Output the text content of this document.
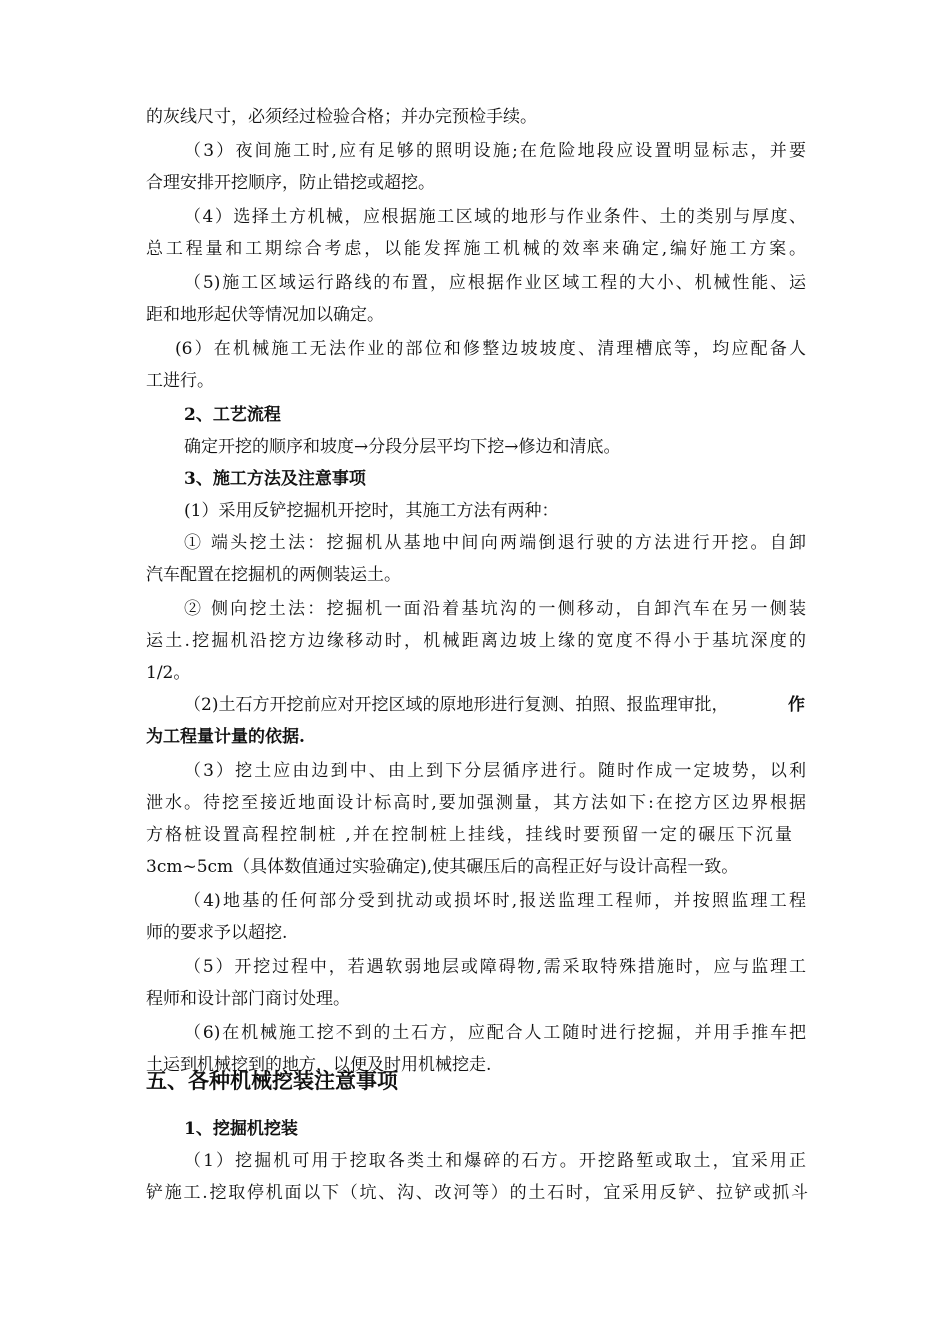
的灰线尺寸，必须经过检验合格；并办完预检手续。
（3）夜间施工时,应有足够的照明设施;在危险地段应设置明显标志，并要
合理安排开挖顺序，防止错挖或超挖。
（4）选择土方机械，应根据施工区域的地形与作业条件、土的类别与厚度、
总工程量和工期综合考虑，以能发挥施工机械的效率来确定,编好施工方案。
（5)施工区域运行路线的布置，应根据作业区域工程的大小、机械性能、运
距和地形起伏等情况加以确定。
(6）在机械施工无法作业的部位和修整边坡坡度、清理槽底等，均应配备人
工进行。
2、工艺流程
确定开挖的顺序和坡度→分段分层平均下挖→修边和清底。
3、施工方法及注意事项
(1）采用反铲挖掘机开挖时，其施工方法有两种：
① 端头挖土法：挖掘机从基地中间向两端倒退行驶的方法进行开挖。自卸
汽车配置在挖掘机的两侧装运土。
② 侧向挖土法：挖掘机一面沿着基坑沟的一侧移动，自卸汽车在另一侧装
运土.挖掘机沿挖方边缘移动时，机械距离边坡上缘的宽度不得小于基坑深度的
1/2。
（2)土石方开挖前应对开挖区域的原地形进行复测、拍照、报监理审批，	作
为工程量计量的依据.
（3）挖土应由边到中、由上到下分层循序进行。随时作成一定坡势，以利
泄水。待挖至接近地面设计标高时,要加强测量，其方法如下:在挖方区边界根据
方格桩设置高程控制桩 ,并在控制桩上挂线，挂线时要预留一定的碾压下沉量
3cm~5cm（具体数值通过实验确定),使其碾压后的高程正好与设计高程一致。
（4)地基的任何部分受到扰动或损坏时,报送监理工程师，并按照监理工程
师的要求予以超挖.
（5）开挖过程中，若遇软弱地层或障碍物,需采取特殊措施时，应与监理工
程师和设计部门商讨处理。
（6)在机械施工挖不到的土石方，应配合人工随时进行挖掘，并用手推车把
土运到机械挖到的地方，以便及时用机械挖走.
五、各种机械挖装注意事项
1、挖掘机挖装
（1）挖掘机可用于挖取各类土和爆碎的石方。开挖路堑或取土，宜采用正
铲施工.挖取停机面以下（坑、沟、改河等）的土石时，宜采用反铲、拉铲或抓斗
